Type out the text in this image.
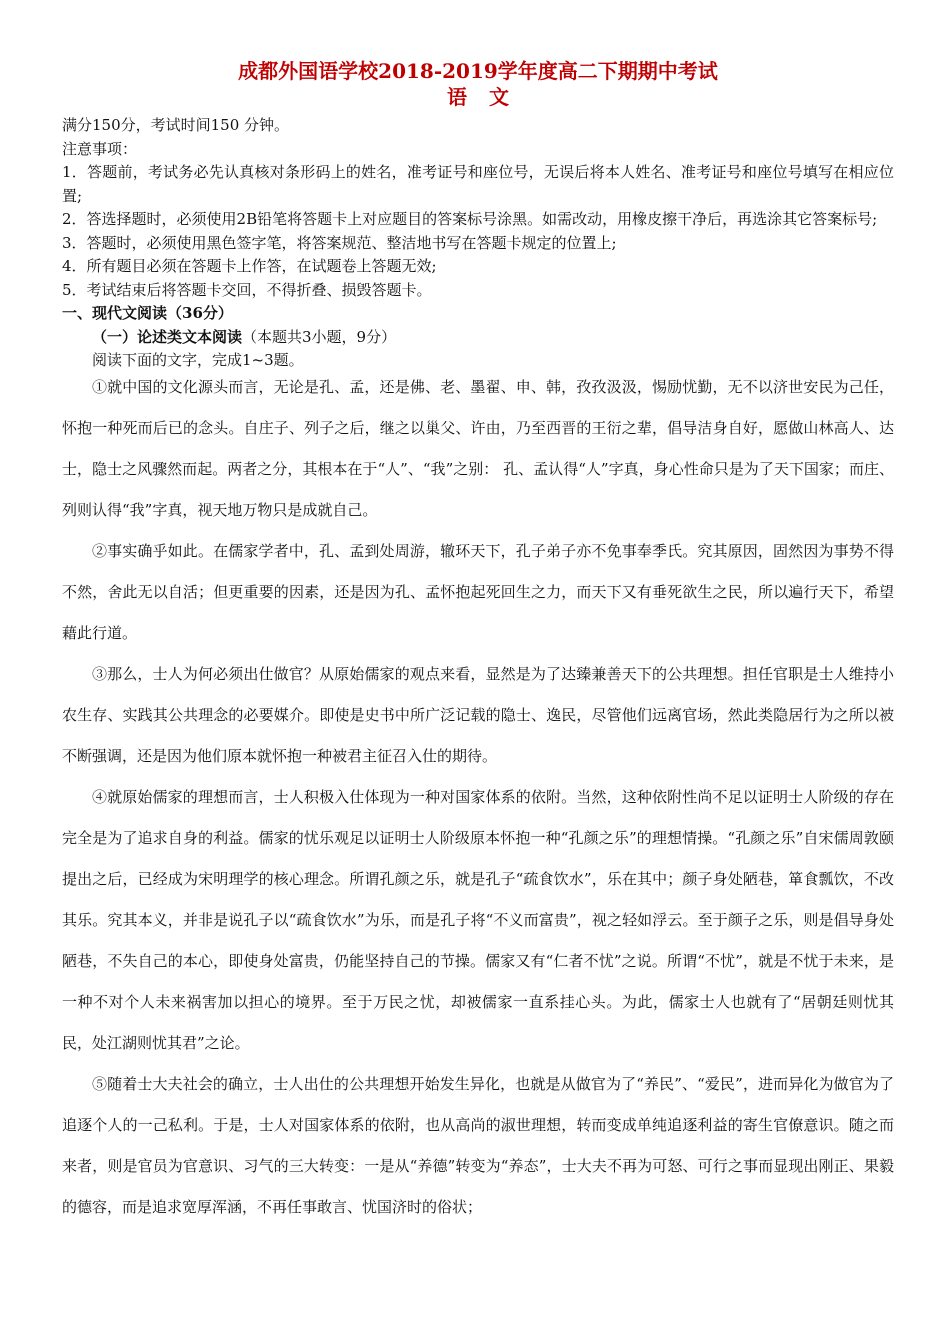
成都外国语学校2018-2019学年度高二下期期中考试

语文

满分150分，考试时间150 分钟。

注意事项：

1．答题前，考试务必先认真核对条形码上的姓名，准考证号和座位号，无误后将本人姓名、准考证号和座位号填写在相应位置;

2．答选择题时，必须使用2B铅笔将答题卡上对应题目的答案标号涂黑。如需改动，用橡皮擦干净后，再选涂其它答案标号;

3．答题时，必须使用黑色签字笔，将答案规范、整洁地书写在答题卡规定的位置上;

4．所有题目必须在答题卡上作答，在试题卷上答题无效;

5．考试结束后将答题卡交回，不得折叠、损毁答题卡。

一、现代文阅读（36分）

（一）论述类文本阅读（本题共3小题，9分）

阅读下面的文字，完成1~3题。

①就中国的文化源头而言，无论是孔、孟，还是佛、老、墨翟、申、韩，孜孜汲汲，惕励忧勤，无不以济世安民为己任，怀抱一种死而后已的念头。自庄子、列子之后，继之以巢父、许由，乃至西晋的王衍之辈，倡导洁身自好，愿做山林高人、达士，隐士之风骤然而起。两者之分，其根本在于“人”、“我”之别： 孔、孟认得“人”字真，身心性命只是为了天下国家；而庄、列则认得“我”字真，视天地万物只是成就自己。

②事实确乎如此。在儒家学者中，孔、孟到处周游，辙环天下，孔子弟子亦不免事奉季氏。究其原因，固然因为事势不得不然，舍此无以自活；但更重要的因素，还是因为孔、孟怀抱起死回生之力，而天下又有垂死欲生之民，所以遍行天下，希望藉此行道。

③那么，士人为何必须出仕做官？从原始儒家的观点来看，显然是为了达臻兼善天下的公共理想。担任官职是士人维持小农生存、实践其公共理念的必要媒介。即使是史书中所广泛记载的隐士、逸民，尽管他们远离官场，然此类隐居行为之所以被不断强调，还是因为他们原本就怀抱一种被君主征召入仕的期待。

④就原始儒家的理想而言，士人积极入仕体现为一种对国家体系的依附。当然，这种依附性尚不足以证明士人阶级的存在完全是为了追求自身的利益。儒家的忧乐观足以证明士人阶级原本怀抱一种“孔颜之乐”的理想情操。“孔颜之乐”自宋儒周敦颐提出之后，已经成为宋明理学的核心理念。所谓孔颜之乐，就是孔子“疏食饮水”，乐在其中；颜子身处陋巷，箪食瓢饮，不改其乐。究其本义，并非是说孔子以“疏食饮水”为乐，而是孔子将“不义而富贵”，视之轻如浮云。至于颜子之乐，则是倡导身处陋巷，不失自己的本心，即使身处富贵，仍能坚持自己的节操。儒家又有“仁者不忧”之说。所谓“不忧”，就是不忧于未来，是一种不对个人未来祸害加以担心的境界。至于万民之忧，却被儒家一直系挂心头。为此，儒家士人也就有了“居朝廷则忧其民，处江湖则忧其君”之论。

⑤随着士大夫社会的确立，士人出仕的公共理想开始发生异化，也就是从做官为了“养民”、“爱民”，进而异化为做官为了追逐个人的一己私利。于是，士人对国家体系的依附，也从高尚的淑世理想，转而变成单纯追逐利益的寄生官僚意识。随之而来者，则是官员为官意识、习气的三大转变：一是从“养德”转变为“养态”，士大夫不再为可怒、可行之事而显现出刚正、果毅的德容，而是追求宽厚浑涵，不再任事敢言、忧国济时的俗状；
